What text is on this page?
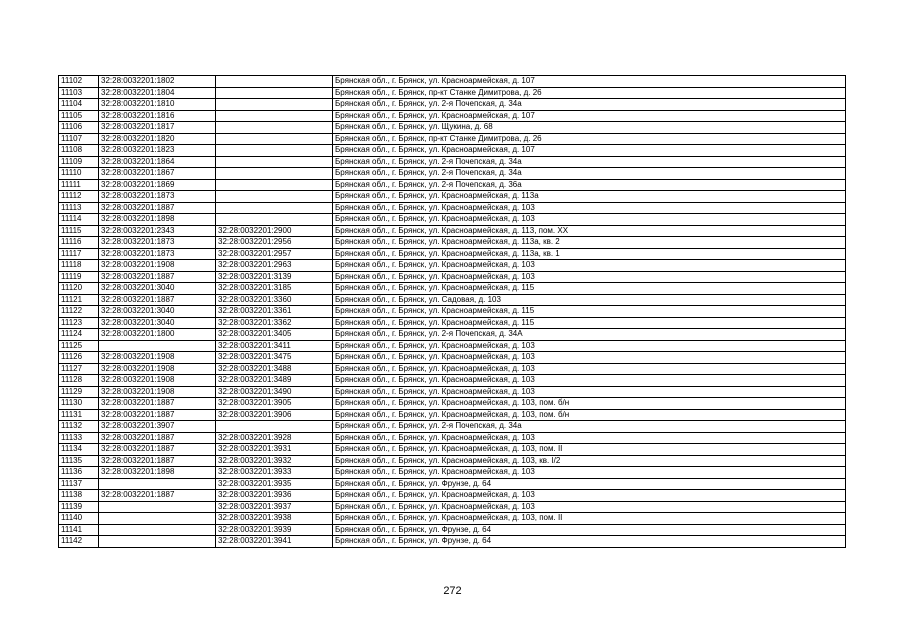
11102	32:28:0032201:1802		Брянская обл., г. Брянск, ул. Красноармейская, д. 107
11103	32:28:0032201:1804		Брянская обл., г. Брянск, пр-кт Станке Димитрова, д. 26
11104	32:28:0032201:1810		Брянская обл., г. Брянск, ул. 2-я Почепская, д. 34а
11105	32:28:0032201:1816		Брянская обл., г. Брянск, ул. Красноармейская, д. 107
11106	32:28:0032201:1817		Брянская обл., г. Брянск, ул. Щукина, д. 68
11107	32:28:0032201:1820		Брянская обл., г. Брянск, пр-кт Станке Димитрова, д. 26
11108	32:28:0032201:1823		Брянская обл., г. Брянск, ул. Красноармейская, д. 107
11109	32:28:0032201:1864		Брянская обл., г. Брянск, ул. 2-я Почепская, д. 34а
11110	32:28:0032201:1867		Брянская обл., г. Брянск, ул. 2-я Почепская, д. 34а
11111	32:28:0032201:1869		Брянская обл., г. Брянск, ул. 2-я Почепская, д. 36а
11112	32:28:0032201:1873		Брянская обл., г. Брянск, ул. Красноармейская, д. 113а
11113	32:28:0032201:1887		Брянская обл., г. Брянск, ул. Красноармейская, д. 103
11114	32:28:0032201:1898		Брянская обл., г. Брянск, ул. Красноармейская, д. 103
11115	32:28:0032201:2343	32:28:0032201:2900	Брянская обл., г. Брянск, ул. Красноармейская, д. 113, пом. XX
11116	32:28:0032201:1873	32:28:0032201:2956	Брянская обл., г. Брянск, ул. Красноармейская, д. 113а, кв. 2
11117	32:28:0032201:1873	32:28:0032201:2957	Брянская обл., г. Брянск, ул. Красноармейская, д. 113а, кв. 1
11118	32:28:0032201:1908	32:28:0032201:2963	Брянская обл., г. Брянск, ул. Красноармейская, д. 103
11119	32:28:0032201:1887	32:28:0032201:3139	Брянская обл., г. Брянск, ул. Красноармейская, д. 103
11120	32:28:0032201:3040	32:28:0032201:3185	Брянская обл., г. Брянск, ул. Красноармейская, д. 115
11121	32:28:0032201:1887	32:28:0032201:3360	Брянская обл., г. Брянск, ул. Садовая, д. 103
11122	32:28:0032201:3040	32:28:0032201:3361	Брянская обл., г. Брянск, ул. Красноармейская, д. 115
11123	32:28:0032201:3040	32:28:0032201:3362	Брянская обл., г. Брянск, ул. Красноармейская, д. 115
11124	32:28:0032201:1800	32:28:0032201:3405	Брянская обл., г. Брянск, ул. 2-я Почепская, д. 34А
11125		32:28:0032201:3411	Брянская обл., г. Брянск, ул. Красноармейская, д. 103
11126	32:28:0032201:1908	32:28:0032201:3475	Брянская обл., г. Брянск, ул. Красноармейская, д. 103
11127	32:28:0032201:1908	32:28:0032201:3488	Брянская обл., г. Брянск, ул. Красноармейская, д. 103
11128	32:28:0032201:1908	32:28:0032201:3489	Брянская обл., г. Брянск, ул. Красноармейская, д. 103
11129	32:28:0032201:1908	32:28:0032201:3490	Брянская обл., г. Брянск, ул. Красноармейская, д. 103
11130	32:28:0032201:1887	32:28:0032201:3905	Брянская обл., г. Брянск, ул. Красноармейская, д. 103, пом. б/н
11131	32:28:0032201:1887	32:28:0032201:3906	Брянская обл., г. Брянск, ул. Красноармейская, д. 103, пом. б/н
11132	32:28:0032201:3907		Брянская обл., г. Брянск, ул. 2-я Почепская, д. 34а
11133	32:28:0032201:1887	32:28:0032201:3928	Брянская обл., г. Брянск, ул. Красноармейская, д. 103
11134	32:28:0032201:1887	32:28:0032201:3931	Брянская обл., г. Брянск, ул. Красноармейская, д. 103, пом. II
11135	32:28:0032201:1887	32:28:0032201:3932	Брянская обл., г. Брянск, ул. Красноармейская, д. 103, кв. I/2
11136	32:28:0032201:1898	32:28:0032201:3933	Брянская обл., г. Брянск, ул. Красноармейская, д. 103
11137		32:28:0032201:3935	Брянская обл., г. Брянск, ул. Фрунзе, д. 64
11138	32:28:0032201:1887	32:28:0032201:3936	Брянская обл., г. Брянск, ул. Красноармейская, д. 103
11139		32:28:0032201:3937	Брянская обл., г. Брянск, ул. Красноармейская, д. 103
11140		32:28:0032201:3938	Брянская обл., г. Брянск, ул. Красноармейская, д. 103, пом. II
11141		32:28:0032201:3939	Брянская обл., г. Брянск, ул. Фрунзе, д. 64
11142		32:28:0032201:3941	Брянская обл., г. Брянск, ул. Фрунзе, д. 64
272
